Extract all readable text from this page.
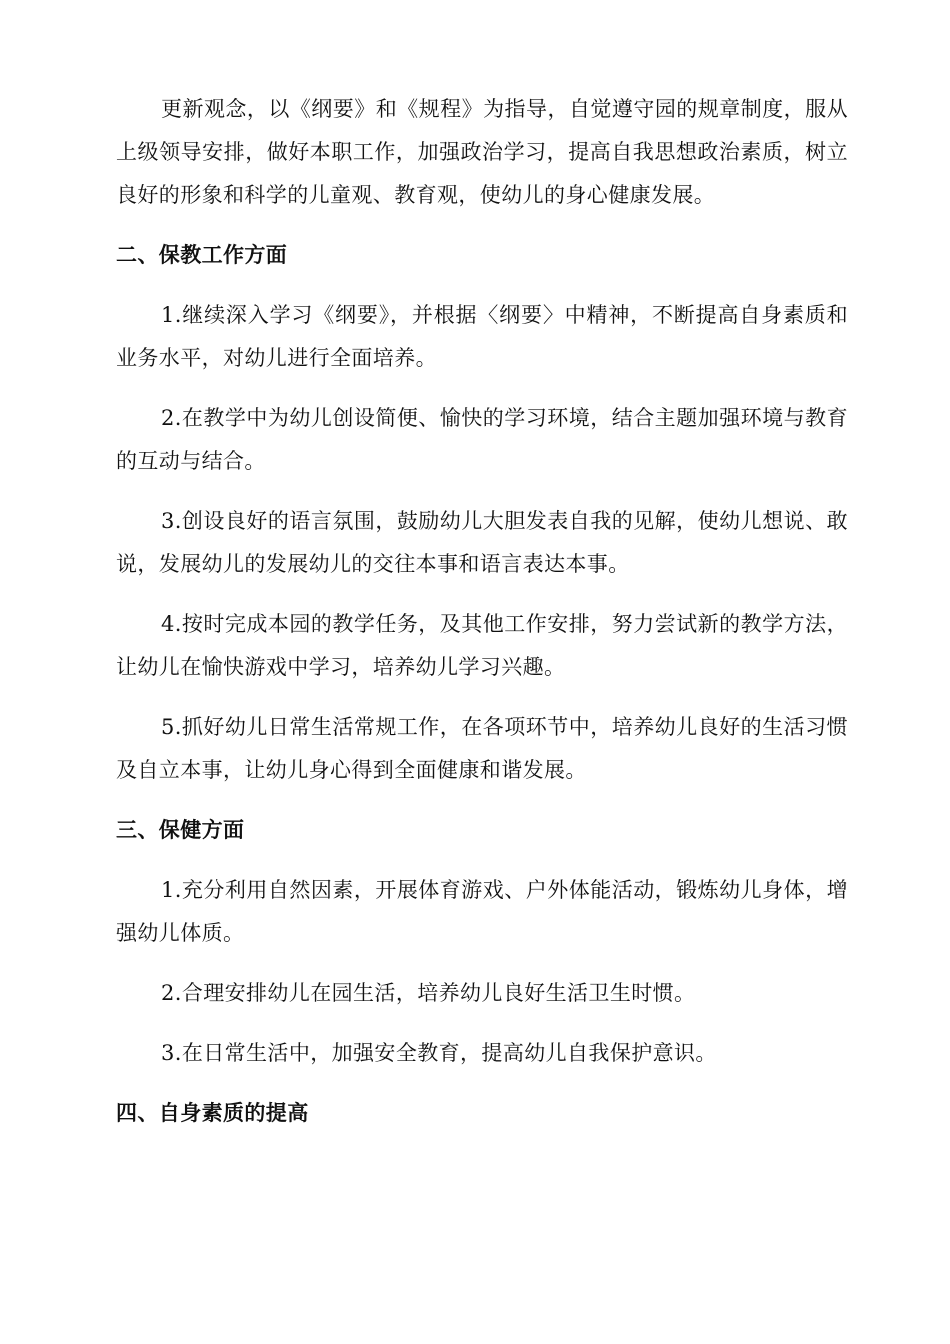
更新观念，以《纲要》和《规程》为指导，自觉遵守园的规章制度，服从上级领导安排，做好本职工作，加强政治学习，提高自我思想政治素质，树立良好的形象和科学的儿童观、教育观，使幼儿的身心健康发展。

二、保教工作方面

1.继续深入学习《纲要》，并根据〈纲要〉中精神，不断提高自身素质和业务水平，对幼儿进行全面培养。

2.在教学中为幼儿创设简便、愉快的学习环境，结合主题加强环境与教育的互动与结合。

3.创设良好的语言氛围，鼓励幼儿大胆发表自我的见解，使幼儿想说、敢说，发展幼儿的发展幼儿的交往本事和语言表达本事。

4.按时完成本园的教学任务，及其他工作安排，努力尝试新的教学方法，让幼儿在愉快游戏中学习，培养幼儿学习兴趣。

5.抓好幼儿日常生活常规工作，在各项环节中，培养幼儿良好的生活习惯及自立本事，让幼儿身心得到全面健康和谐发展。

三、保健方面

1.充分利用自然因素，开展体育游戏、户外体能活动，锻炼幼儿身体，增强幼儿体质。

2.合理安排幼儿在园生活，培养幼儿良好生活卫生时惯。

3.在日常生活中，加强安全教育，提高幼儿自我保护意识。

四、自身素质的提高
